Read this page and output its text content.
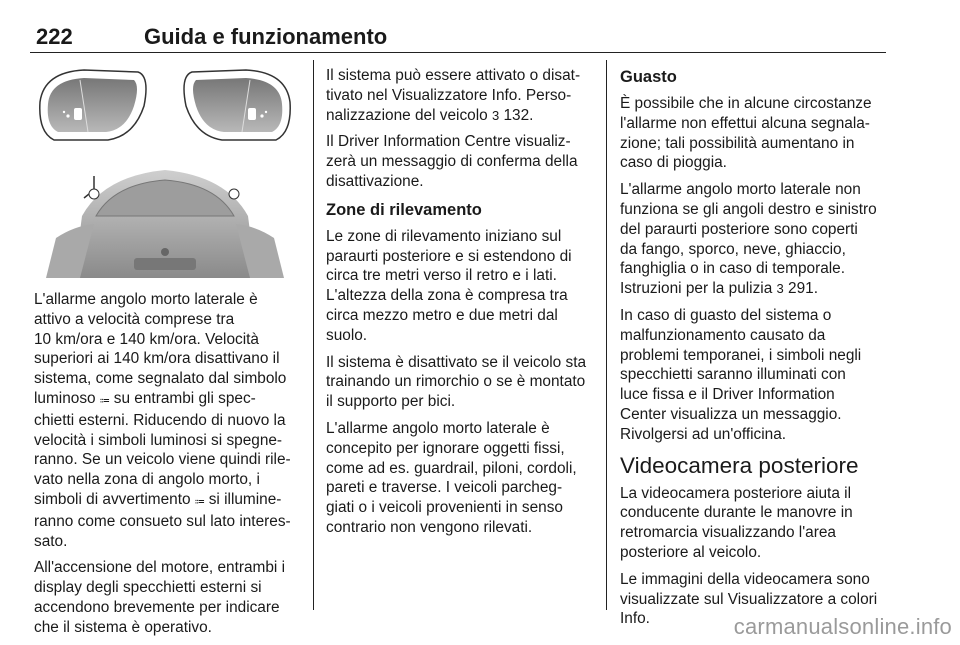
222	Guida e funzionamento

L'allarme angolo morto laterale è
attivo a velocità comprese tra
10 km/ora e 140 km/ora. Velocità
superiori ai 140 km/ora disattivano il
sistema, come segnalato dal simbolo
luminoso ⩴ su entrambi gli spec-
chietti esterni. Riducendo di nuovo la
velocità i simboli luminosi si spegne-
ranno. Se un veicolo viene quindi rile-
vato nella zona di angolo morto, i
simboli di avvertimento ⩴ si illumine-
ranno come consueto sul lato interes-
sato.

All'accensione del motore, entrambi i
display degli specchietti esterni si
accendono brevemente per indicare
che il sistema è operativo.

Il sistema può essere attivato o disat-
tivato nel Visualizzatore Info. Perso-
nalizzazione del veicolo 3 132.

Il Driver Information Centre visualiz-
zerà un messaggio di conferma della
disattivazione.

Zone di rilevamento

Le zone di rilevamento iniziano sul
paraurti posteriore e si estendono di
circa tre metri verso il retro e i lati.
L'altezza della zona è compresa tra
circa mezzo metro e due metri dal
suolo.

Il sistema è disattivato se il veicolo sta
trainando un rimorchio o se è montato
il supporto per bici.

L'allarme angolo morto laterale è
concepito per ignorare oggetti fissi,
come ad es. guardrail, piloni, cordoli,
pareti e traverse. I veicoli parcheg-
giati o i veicoli provenienti in senso
contrario non vengono rilevati.

Guasto

È possibile che in alcune circostanze
l'allarme non effettui alcuna segnala-
zione; tali possibilità aumentano in
caso di pioggia.

L'allarme angolo morto laterale non
funziona se gli angoli destro e sinistro
del paraurti posteriore sono coperti
da fango, sporco, neve, ghiaccio,
fanghiglia o in caso di temporale.
Istruzioni per la pulizia 3 291.

In caso di guasto del sistema o
malfunzionamento causato da
problemi temporanei, i simboli negli
specchietti saranno illuminati con
luce fissa e il Driver Information
Center visualizza un messaggio.
Rivolgersi ad un'officina.

Videocamera posteriore

La videocamera posteriore aiuta il
conducente durante le manovre in
retromarcia visualizzando l'area
posteriore al veicolo.

Le immagini della videocamera sono
visualizzate sul Visualizzatore a colori
Info.	carmanualsonline.info
